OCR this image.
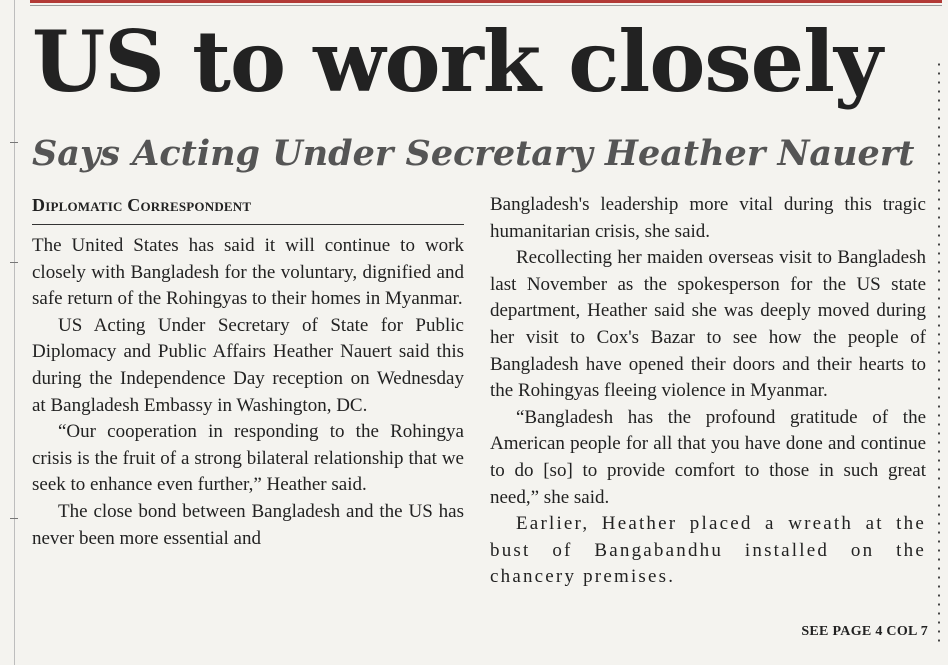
US to work closely
Says Acting Under Secretary Heather Nauert
Diplomatic Correspondent

The United States has said it will continue to work closely with Bangladesh for the voluntary, dignified and safe return of the Rohingyas to their homes in Myanmar.

US Acting Under Secretary of State for Public Diplomacy and Public Affairs Heather Nauert said this during the Independence Day reception on Wednesday at Bangladesh Embassy in Washington, DC.

“Our cooperation in responding to the Rohingya crisis is the fruit of a strong bilateral relationship that we seek to enhance even further,” Heather said.

The close bond between Bangladesh and the US has never been more essential and

Bangladesh's leadership more vital during this tragic humanitarian crisis, she said.

Recollecting her maiden overseas visit to Bangladesh last November as the spokesperson for the US state department, Heather said she was deeply moved during her visit to Cox's Bazar to see how the people of Bangladesh have opened their doors and their hearts to the Rohingyas fleeing violence in Myanmar.

“Bangladesh has the profound gratitude of the American people for all that you have done and continue to do [so] to provide comfort to those in such great need,” she said.

Earlier, Heather placed a wreath at the bust of Bangabandhu installed on the chancery premises.

SEE PAGE 4 COL 7
